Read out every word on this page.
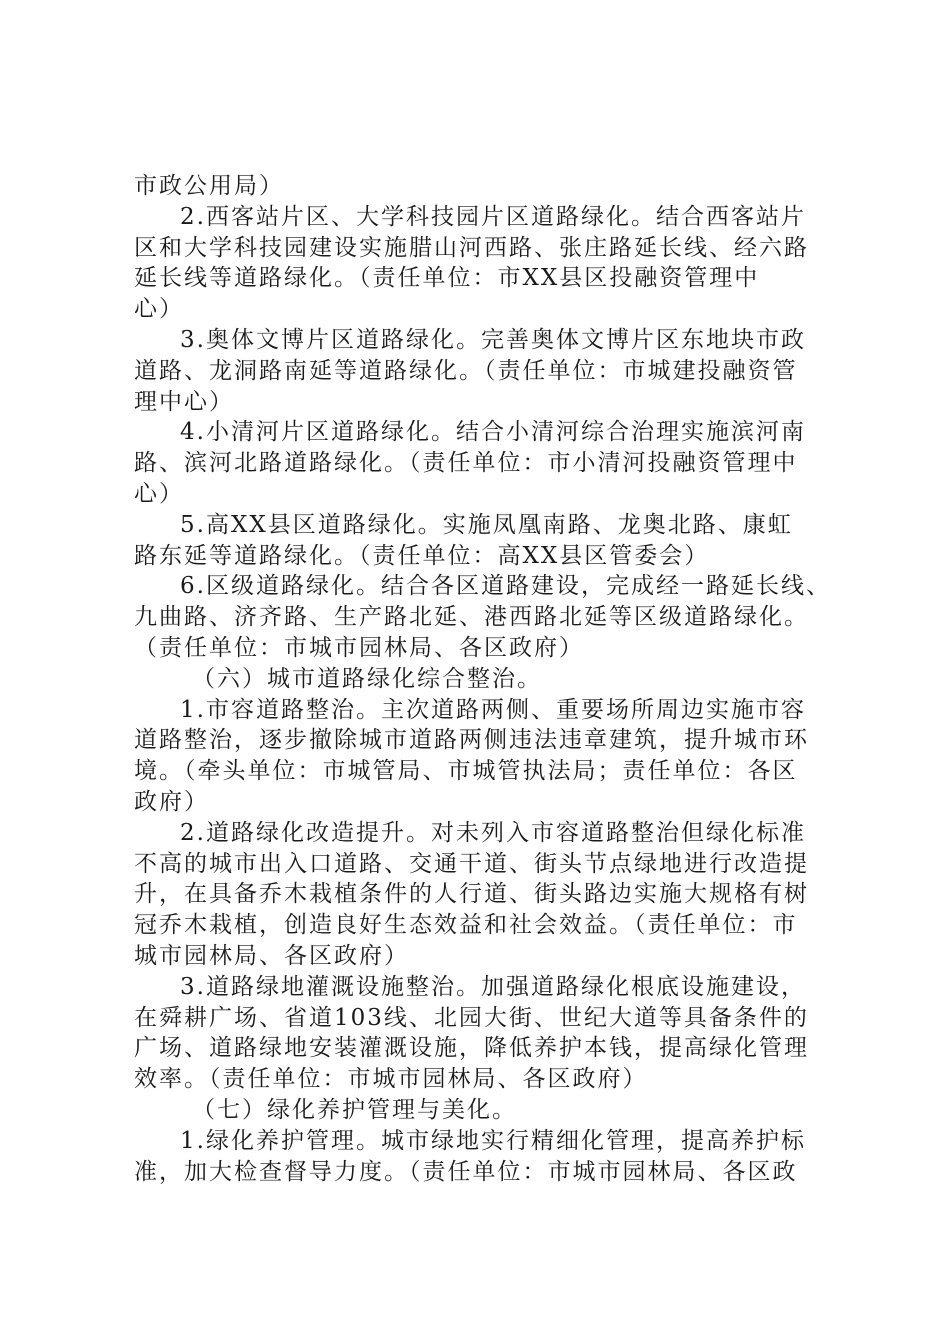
市政公用局）
2.西客站片区、大学科技园片区道路绿化。结合西客站片
区和大学科技园建设实施腊山河西路、张庄路延长线、经六路
延长线等道路绿化。（责任单位：市XX县区投融资管理中
心）
3.奥体文博片区道路绿化。完善奥体文博片区东地块市政
道路、龙洞路南延等道路绿化。（责任单位：市城建投融资管
理中心）
4.小清河片区道路绿化。结合小清河综合治理实施滨河南
路、滨河北路道路绿化。（责任单位：市小清河投融资管理中
心）
5.高XX县区道路绿化。实施凤凰南路、龙奥北路、康虹
路东延等道路绿化。（责任单位：高XX县区管委会）
6.区级道路绿化。结合各区道路建设，完成经一路延长线、
九曲路、济齐路、生产路北延、港西路北延等区级道路绿化。
（责任单位：市城市园林局、各区政府）
（六）城市道路绿化综合整治。
1.市容道路整治。主次道路两侧、重要场所周边实施市容
道路整治，逐步撤除城市道路两侧违法违章建筑，提升城市环
境。（牵头单位：市城管局、市城管执法局；责任单位：各区
政府）
2.道路绿化改造提升。对未列入市容道路整治但绿化标准
不高的城市出入口道路、交通干道、街头节点绿地进行改造提
升，在具备乔木栽植条件的人行道、街头路边实施大规格有树
冠乔木栽植，创造良好生态效益和社会效益。（责任单位：市
城市园林局、各区政府）
3.道路绿地灌溉设施整治。加强道路绿化根底设施建设，
在舜耕广场、省道103线、北园大街、世纪大道等具备条件的
广场、道路绿地安装灌溉设施，降低养护本钱，提高绿化管理
效率。（责任单位：市城市园林局、各区政府）
（七）绿化养护管理与美化。
1.绿化养护管理。城市绿地实行精细化管理，提高养护标
准，加大检查督导力度。（责任单位：市城市园林局、各区政
